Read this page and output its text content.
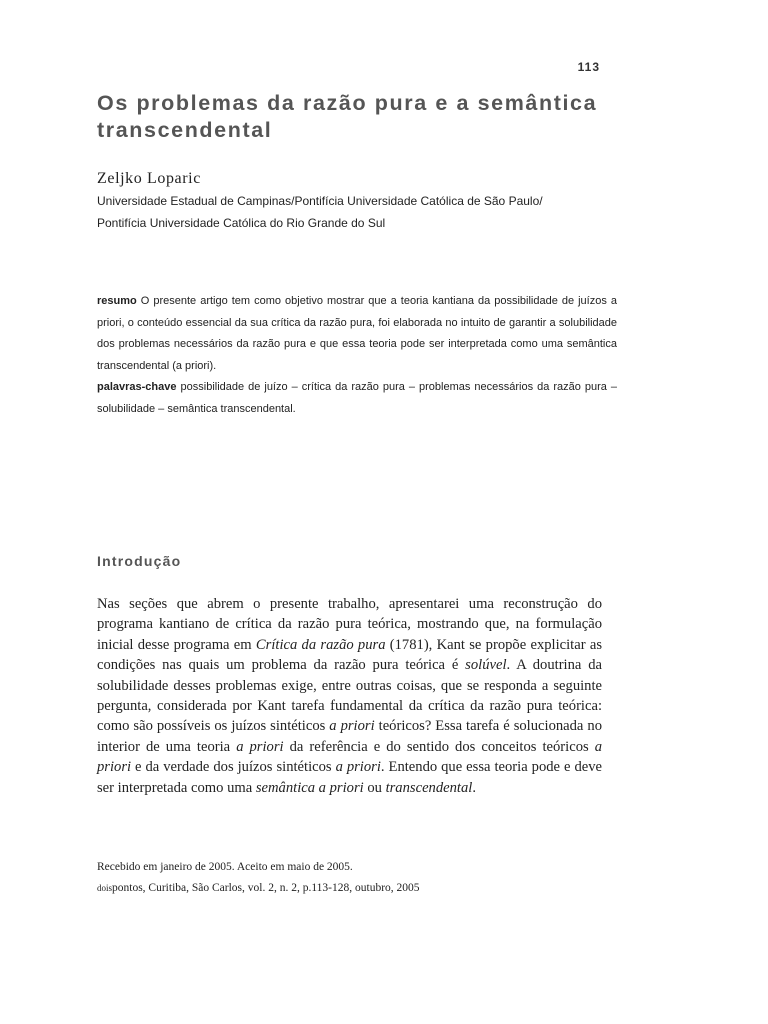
113
Os problemas da razão pura e a semântica transcendental
Zeljko Loparic
Universidade Estadual de Campinas/Pontifícia Universidade Católica de São Paulo/
Pontifícia Universidade Católica do Rio Grande do Sul
resumo O presente artigo tem como objetivo mostrar que a teoria kantiana da possibilidade de juízos a priori, o conteúdo essencial da sua crítica da razão pura, foi elaborada no intuito de garantir a solubilidade dos problemas necessários da razão pura e que essa teoria pode ser interpretada como uma semântica transcendental (a priori).
palavras-chave possibilidade de juízo – crítica da razão pura – problemas necessários da razão pura – solubilidade – semântica transcendental.
Introdução

Nas seções que abrem o presente trabalho, apresentarei uma reconstrução do programa kantiano de crítica da razão pura teórica, mostrando que, na formulação inicial desse programa em Crítica da razão pura (1781), Kant se propõe explicitar as condições nas quais um problema da razão pura teórica é solúvel. A doutrina da solubilidade desses problemas exige, entre outras coisas, que se responda a seguinte pergunta, considerada por Kant tarefa fundamental da crítica da razão pura teórica: como são possíveis os juízos sintéticos a priori teóricos? Essa tarefa é solucionada no interior de uma teoria a priori da referência e do sentido dos conceitos teóricos a priori e da verdade dos juízos sintéticos a priori. Entendo que essa teoria pode e deve ser interpretada como uma semântica a priori ou transcendental.

Recebido em janeiro de 2005. Aceito em maio de 2005.
doispontos, Curitiba, São Carlos, vol. 2, n. 2, p.113-128, outubro, 2005
